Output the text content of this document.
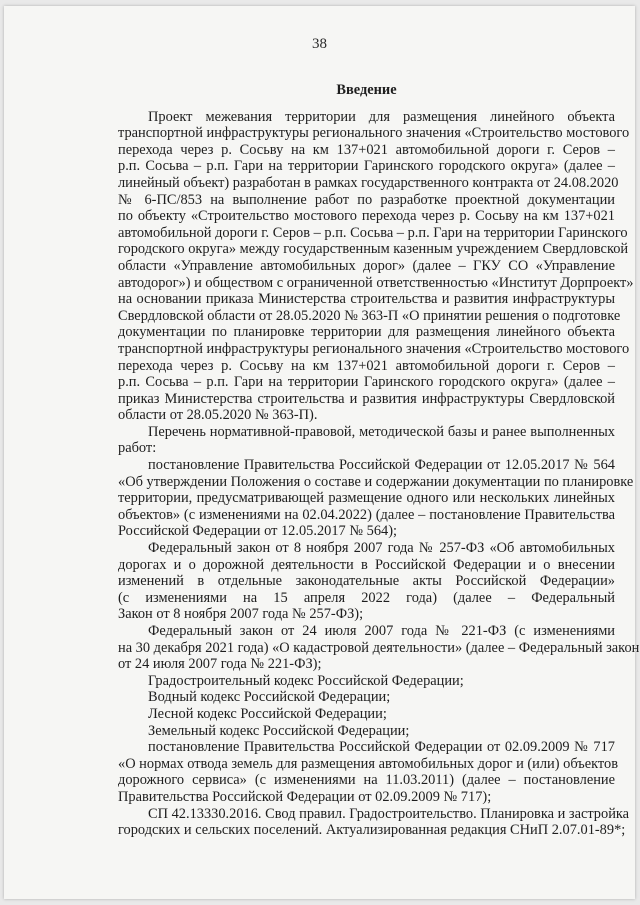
38
Введение
Проект межевания территории для размещения линейного объекта
транспортной инфраструктуры регионального значения «Строительство мостового
перехода через р. Сосьву на км 137+021 автомобильной дороги г. Серов –
р.п. Сосьва – р.п. Гари на территории Гаринского городского округа» (далее –
линейный объект) разработан в рамках государственного контракта от 24.08.2020
№ 6-ПС/853 на выполнение работ по разработке проектной документации
по объекту «Строительство мостового перехода через р. Сосьву на км 137+021
автомобильной дороги г. Серов – р.п. Сосьва – р.п. Гари на территории Гаринского
городского округа» между государственным казенным учреждением Свердловской
области «Управление автомобильных дорог» (далее – ГКУ СО «Управление
автодорог») и обществом с ограниченной ответственностью «Институт Дорпроект»
на основании приказа Министерства строительства и развития инфраструктуры
Свердловской области от 28.05.2020 № 363-П «О принятии решения о подготовке
документации по планировке территории для размещения линейного объекта
транспортной инфраструктуры регионального значения «Строительство мостового
перехода через р. Сосьву на км 137+021 автомобильной дороги г. Серов –
р.п. Сосьва – р.п. Гари на территории Гаринского городского округа» (далее –
приказ Министерства строительства и развития инфраструктуры Свердловской
области от 28.05.2020 № 363-П).
Перечень нормативной-правовой, методической базы и ранее выполненных
работ:
постановление Правительства Российской Федерации от 12.05.2017 № 564
«Об утверждении Положения о составе и содержании документации по планировке
территории, предусматривающей размещение одного или нескольких линейных
объектов» (с изменениями на 02.04.2022) (далее – постановление Правительства
Российской Федерации от 12.05.2017 № 564);
Федеральный закон от 8 ноября 2007 года № 257-ФЗ «Об автомобильных
дорогах и о дорожной деятельности в Российской Федерации и о внесении
изменений в отдельные законодательные акты Российской Федерации»
(с изменениями на 15 апреля 2022 года) (далее – Федеральный
Закон от 8 ноября 2007 года № 257-ФЗ);
Федеральный закон от 24 июля 2007 года № 221-ФЗ (с изменениями
на 30 декабря 2021 года) «О кадастровой деятельности» (далее – Федеральный закон
от 24 июля 2007 года № 221-ФЗ);
Градостроительный кодекс Российской Федерации;
Водный кодекс Российской Федерации;
Лесной кодекс Российской Федерации;
Земельный кодекс Российской Федерации;
постановление Правительства Российской Федерации от 02.09.2009 № 717
«О нормах отвода земель для размещения автомобильных дорог и (или) объектов
дорожного сервиса» (с изменениями на 11.03.2011) (далее – постановление
Правительства Российской Федерации от 02.09.2009 № 717);
СП 42.13330.2016. Свод правил. Градостроительство. Планировка и застройка
городских и сельских поселений. Актуализированная редакция СНиП 2.07.01-89*;
